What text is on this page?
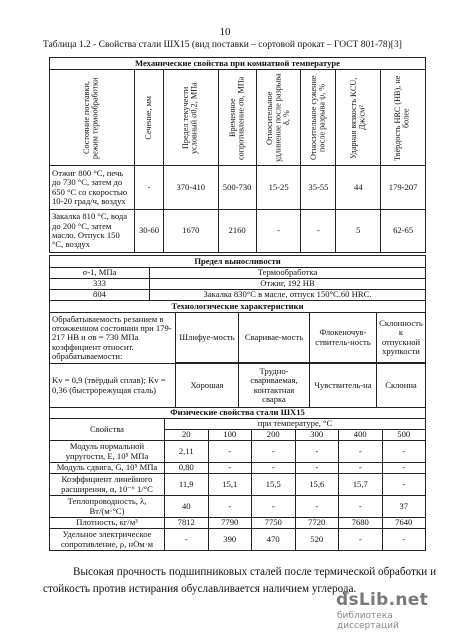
10
Таблица 1.2 - Свойства стали ШХ15 (вид поставки – сортовой прокат – ГОСТ 801-78)[3]
Механические свойства при комнатной температуре							

Состояние поставки, режим термообработки	Сечение, мм	Предел текучести условный σ0,2, МПа	Временное сопротивление σв, МПа	Относительное удлинение после разрыва δ, %	Относительное сужение после разрыва ψ, %	Ударная вязкость KCU, Дж/см²	Твёрдость HRC (HB), не более

Отжиг 800 °С, печь до 730 °С, затем до 650 °С со скоростью 10-20 град/ч, воздух	-	370-410	500-730	15-25	35-55	44	179-207
Закалка 810 °С, вода до 200 °С, затем масло. Отпуск 150 °С, воздух	30-60	1670	2160	-	-	5	62-65
Предел выносливости	
σ-1, МПа	Термообработка
333	Отжиг, 192 HB
804	Закалка 830°С в масле, отпуск 150°С.60 HRC.
Технологические характеристики	
Обрабатываемость резанием в отожженном состоянии при 179-217 HB и σв = 730 МПа коэффициент относит. обрабатываемости:	Шлифуе-мость	Сваривае-мость	Флокеночув-ствитель-ность	Склонность к отпускной хрупкости

Kv = 0,9 (твёрдый сплав); Kv = 0,36 (быстрорежущая сталь)	Хорошая	Трудно-свариваемая, контактная сварка	Чувствитель-на	Склонна
Физические свойства стали ШХ15						
Свойства	при температуре, °С					
	20	100	200	300	400	500
Модуль нормальной упругости, E, 10⁵ МПа	2,11	-	-	-	-	-
Модуль сдвига, G, 10⁵ МПа	0,80	-	-	-	-	-
Коэффициент линейного расширения, α, 10⁻⁶ 1/°С	11,9	15,1	15,5	15,6	15,7	-
Теплопроводность, λ, Вт/(м·°С)	40	-	-	-	-	37
Плотность, кг/м³	7812	7790	7750	7720	7680	7640
Удельное электрическое сопротивление, ρ, нОм·м	-	390	470	520	-	-
Высокая прочность подшипниковых сталей после термической обработки и
стойкость против истирания обуславливается наличием углерода.
dsLib.net
библиотека диссертаций
